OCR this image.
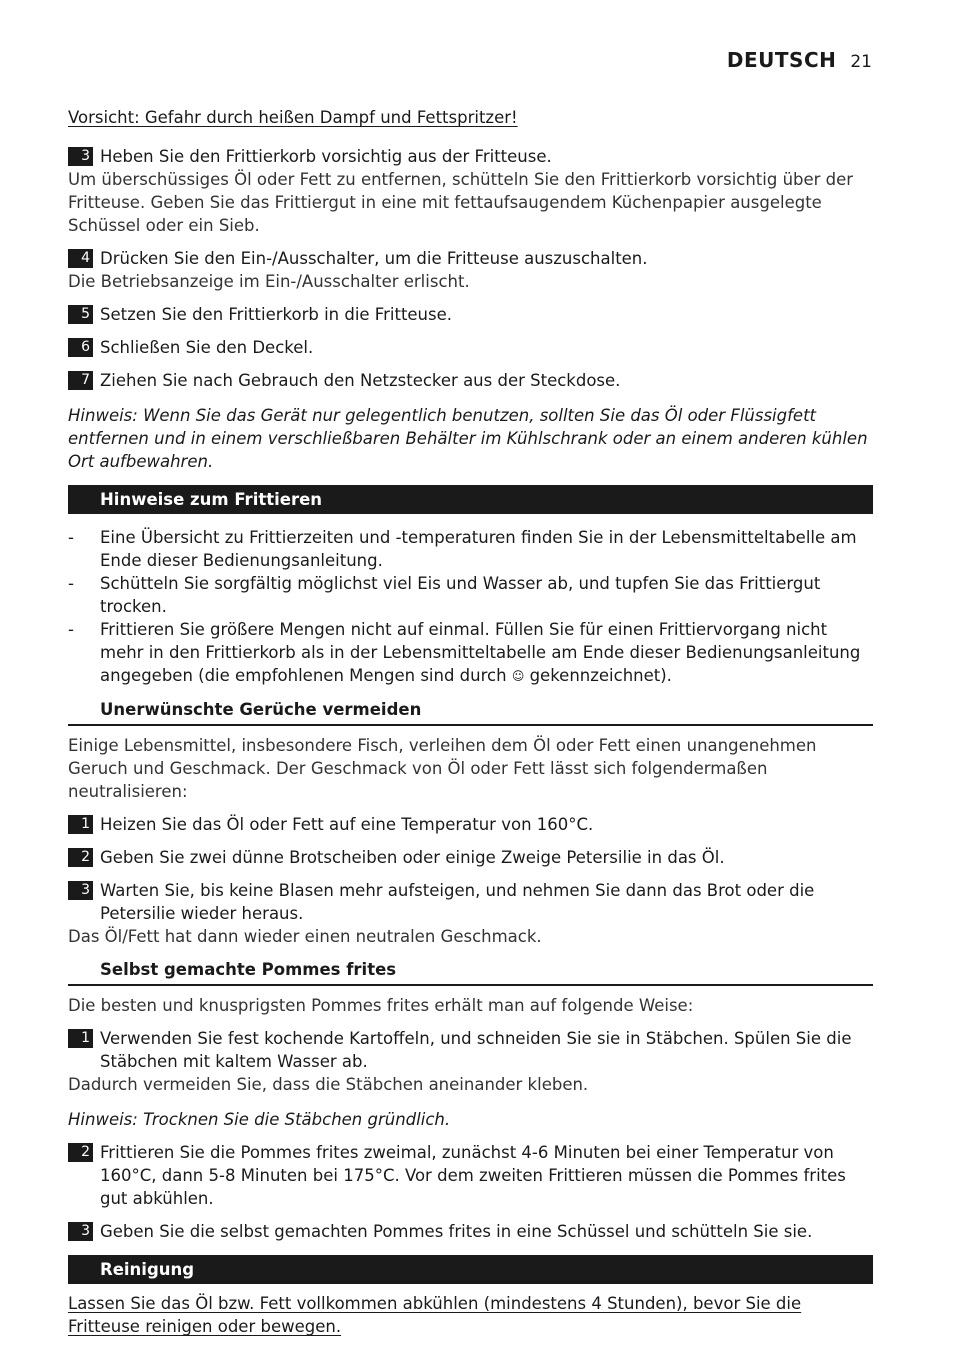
DEUTSCH 21

Vorsicht: Gefahr durch heißen Dampf und Fettspritzer!

3 Heben Sie den Frittierkorb vorsichtig aus der Fritteuse.

Um überschüssiges Öl oder Fett zu entfernen, schütteln Sie den Frittierkorb vorsichtig über der Fritteuse. Geben Sie das Frittiergut in eine mit fettaufsaugendem Küchenpapier ausgelegte Schüssel oder ein Sieb.

4 Drücken Sie den Ein-/Ausschalter, um die Fritteuse auszuschalten.

Die Betriebsanzeige im Ein-/Ausschalter erlischt.

5 Setzen Sie den Frittierkorb in die Fritteuse.
6 Schließen Sie den Deckel.
7 Ziehen Sie nach Gebrauch den Netzstecker aus der Steckdose.

Hinweis: Wenn Sie das Gerät nur gelegentlich benutzen, sollten Sie das Öl oder Flüssigfett entfernen und in einem verschließbaren Behälter im Kühlschrank oder an einem anderen kühlen Ort aufbewahren.

Hinweise zum Frittieren
- Eine Übersicht zu Frittierzeiten und -temperaturen finden Sie in der Lebensmitteltabelle am Ende dieser Bedienungsanleitung.
- Schütteln Sie sorgfältig möglichst viel Eis und Wasser ab, und tupfen Sie das Frittiergut trocken.
- Frittieren Sie größere Mengen nicht auf einmal. Füllen Sie für einen Frittiervorgang nicht mehr in den Frittierkorb als in der Lebensmitteltabelle am Ende dieser Bedienungsanleitung angegeben (die empfohlenen Mengen sind durch ☺ gekennzeichnet).
Unerwünschte Gerüche vermeiden

Einige Lebensmittel, insbesondere Fisch, verleihen dem Öl oder Fett einen unangenehmen Geruch und Geschmack. Der Geschmack von Öl oder Fett lässt sich folgendermaßen neutralisieren:

1 Heizen Sie das Öl oder Fett auf eine Temperatur von 160°C.
2 Geben Sie zwei dünne Brotscheiben oder einige Zweige Petersilie in das Öl.
3 Warten Sie, bis keine Blasen mehr aufsteigen, und nehmen Sie dann das Brot oder die Petersilie wieder heraus.

Das Öl/Fett hat dann wieder einen neutralen Geschmack.

Selbst gemachte Pommes frites

Die besten und knusprigsten Pommes frites erhält man auf folgende Weise:

1 Verwenden Sie fest kochende Kartoffeln, und schneiden Sie sie in Stäbchen. Spülen Sie die Stäbchen mit kaltem Wasser ab.

Dadurch vermeiden Sie, dass die Stäbchen aneinander kleben.

Hinweis: Trocknen Sie die Stäbchen gründlich.

2 Frittieren Sie die Pommes frites zweimal, zunächst 4-6 Minuten bei einer Temperatur von 160°C, dann 5-8 Minuten bei 175°C. Vor dem zweiten Frittieren müssen die Pommes frites gut abkühlen.
3 Geben Sie die selbst gemachten Pommes frites in eine Schüssel und schütteln Sie sie.
Reinigung

Lassen Sie das Öl bzw. Fett vollkommen abkühlen (mindestens 4 Stunden), bevor Sie die Fritteuse reinigen oder bewegen.
